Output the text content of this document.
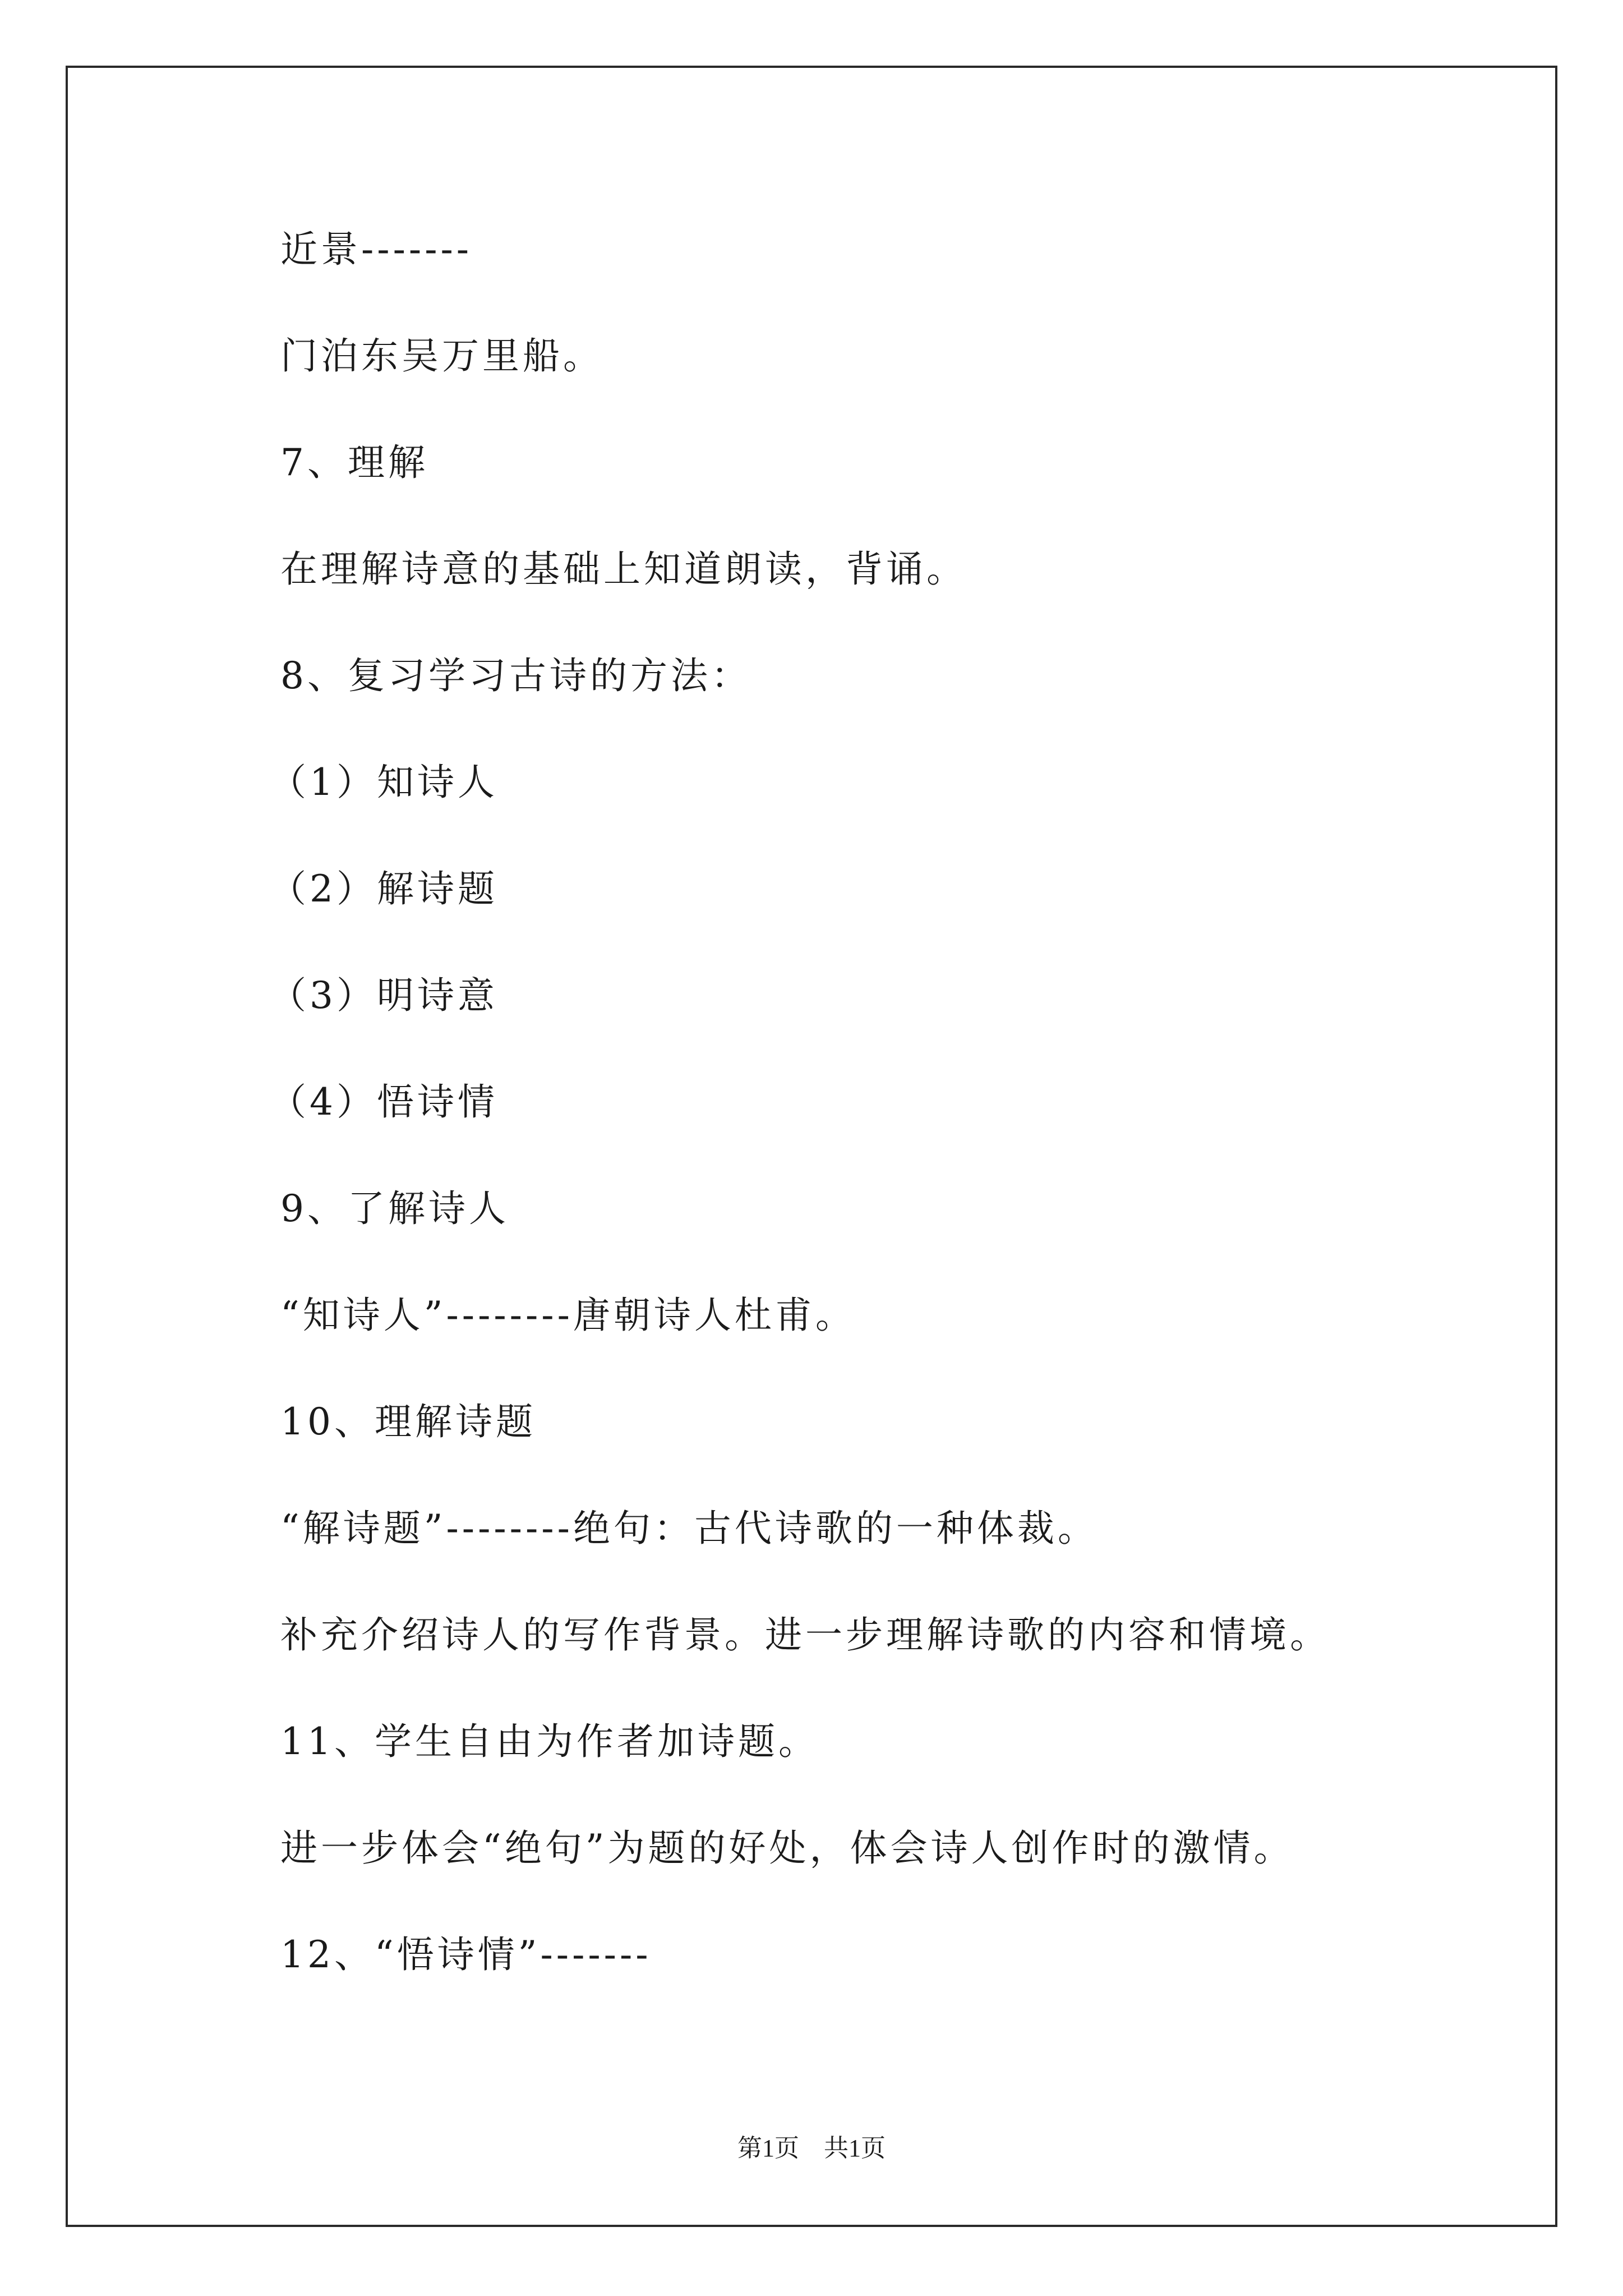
近景-------
门泊东吴万里船。
7、理解
在理解诗意的基础上知道朗读，背诵。
8、复习学习古诗的方法：
（1）知诗人
（2）解诗题
（3）明诗意
（4）悟诗情
9、了解诗人
“知诗人”--------唐朝诗人杜甫。
10、理解诗题
“解诗题”--------绝句：古代诗歌的一种体裁。
补充介绍诗人的写作背景。进一步理解诗歌的内容和情境。
11、学生自由为作者加诗题。
进一步体会“绝句”为题的好处，体会诗人创作时的激情。
12、“悟诗情”-------
第1页 共1页
